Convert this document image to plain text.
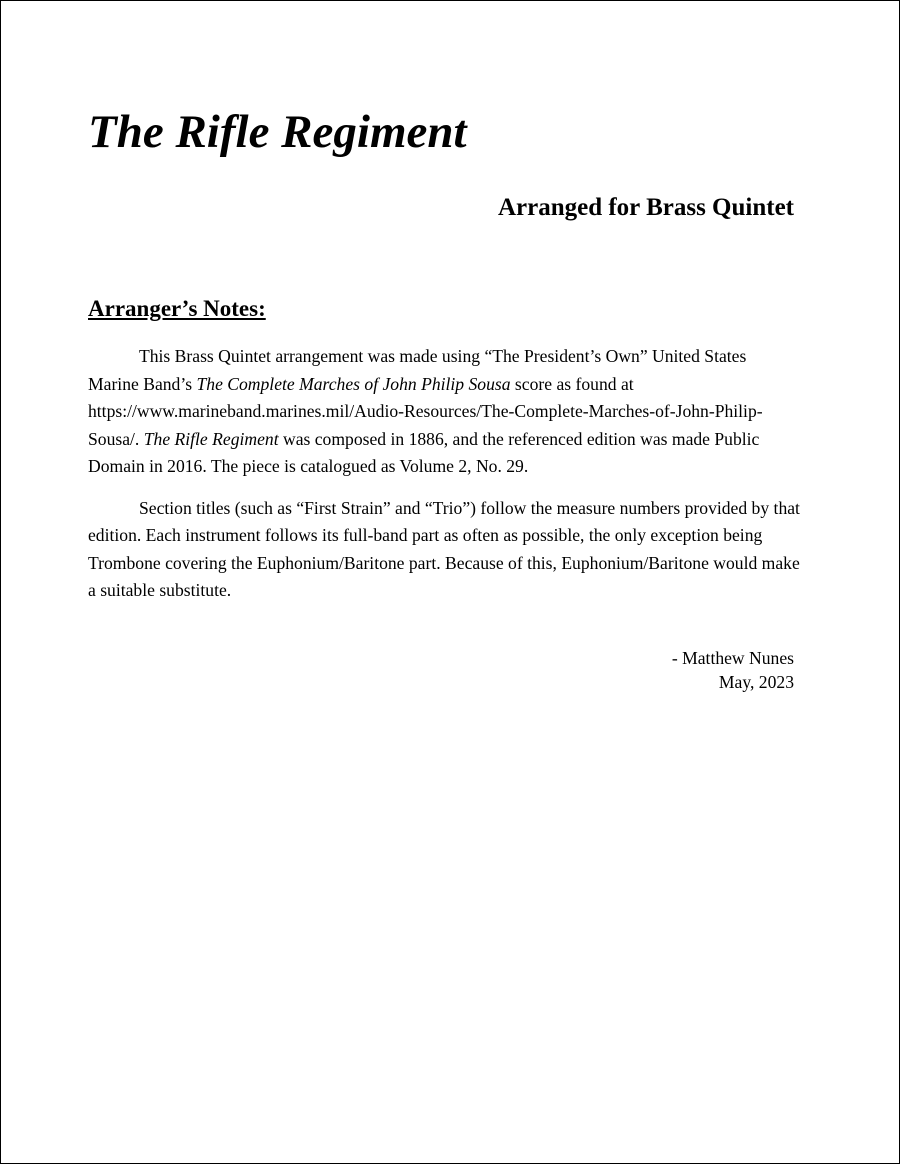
The Rifle Regiment
Arranged for Brass Quintet
Arranger’s Notes:

This Brass Quintet arrangement was made using “The President’s Own” United States Marine Band’s The Complete Marches of John Philip Sousa score as found at https://www.marineband.marines.mil/Audio-Resources/The-Complete-Marches-of-John-Philip-Sousa/. The Rifle Regiment was composed in 1886, and the referenced edition was made Public Domain in 2016. The piece is catalogued as Volume 2, No. 29.

Section titles (such as “First Strain” and “Trio”) follow the measure numbers provided by that edition. Each instrument follows its full-band part as often as possible, the only exception being Trombone covering the Euphonium/Baritone part. Because of this, Euphonium/Baritone would make a suitable substitute.

- Matthew Nunes
May, 2023
